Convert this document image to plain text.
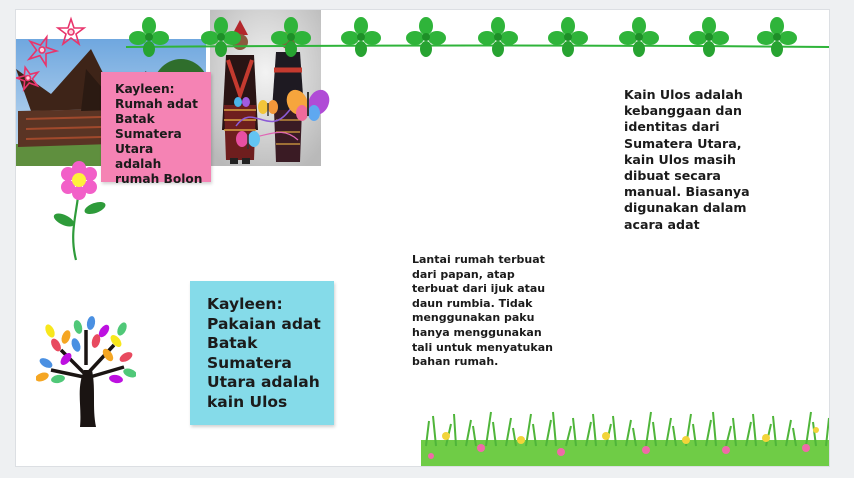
Kayleen: Rumah adat Batak Sumatera Utara adalah rumah Bolon

Kain Ulos adalah kebanggaan dan identitas dari Sumatera Utara, kain Ulos masih dibuat secara manual. Biasanya digunakan dalam acara adat
Lantai rumah terbuat dari papan, atap terbuat dari ijuk atau daun rumbia. Tidak menggunakan paku hanya menggunakan tali untuk menyatukan bahan rumah.
Kayleen: Pakaian adat Batak Sumatera Utara adalah kain Ulos
